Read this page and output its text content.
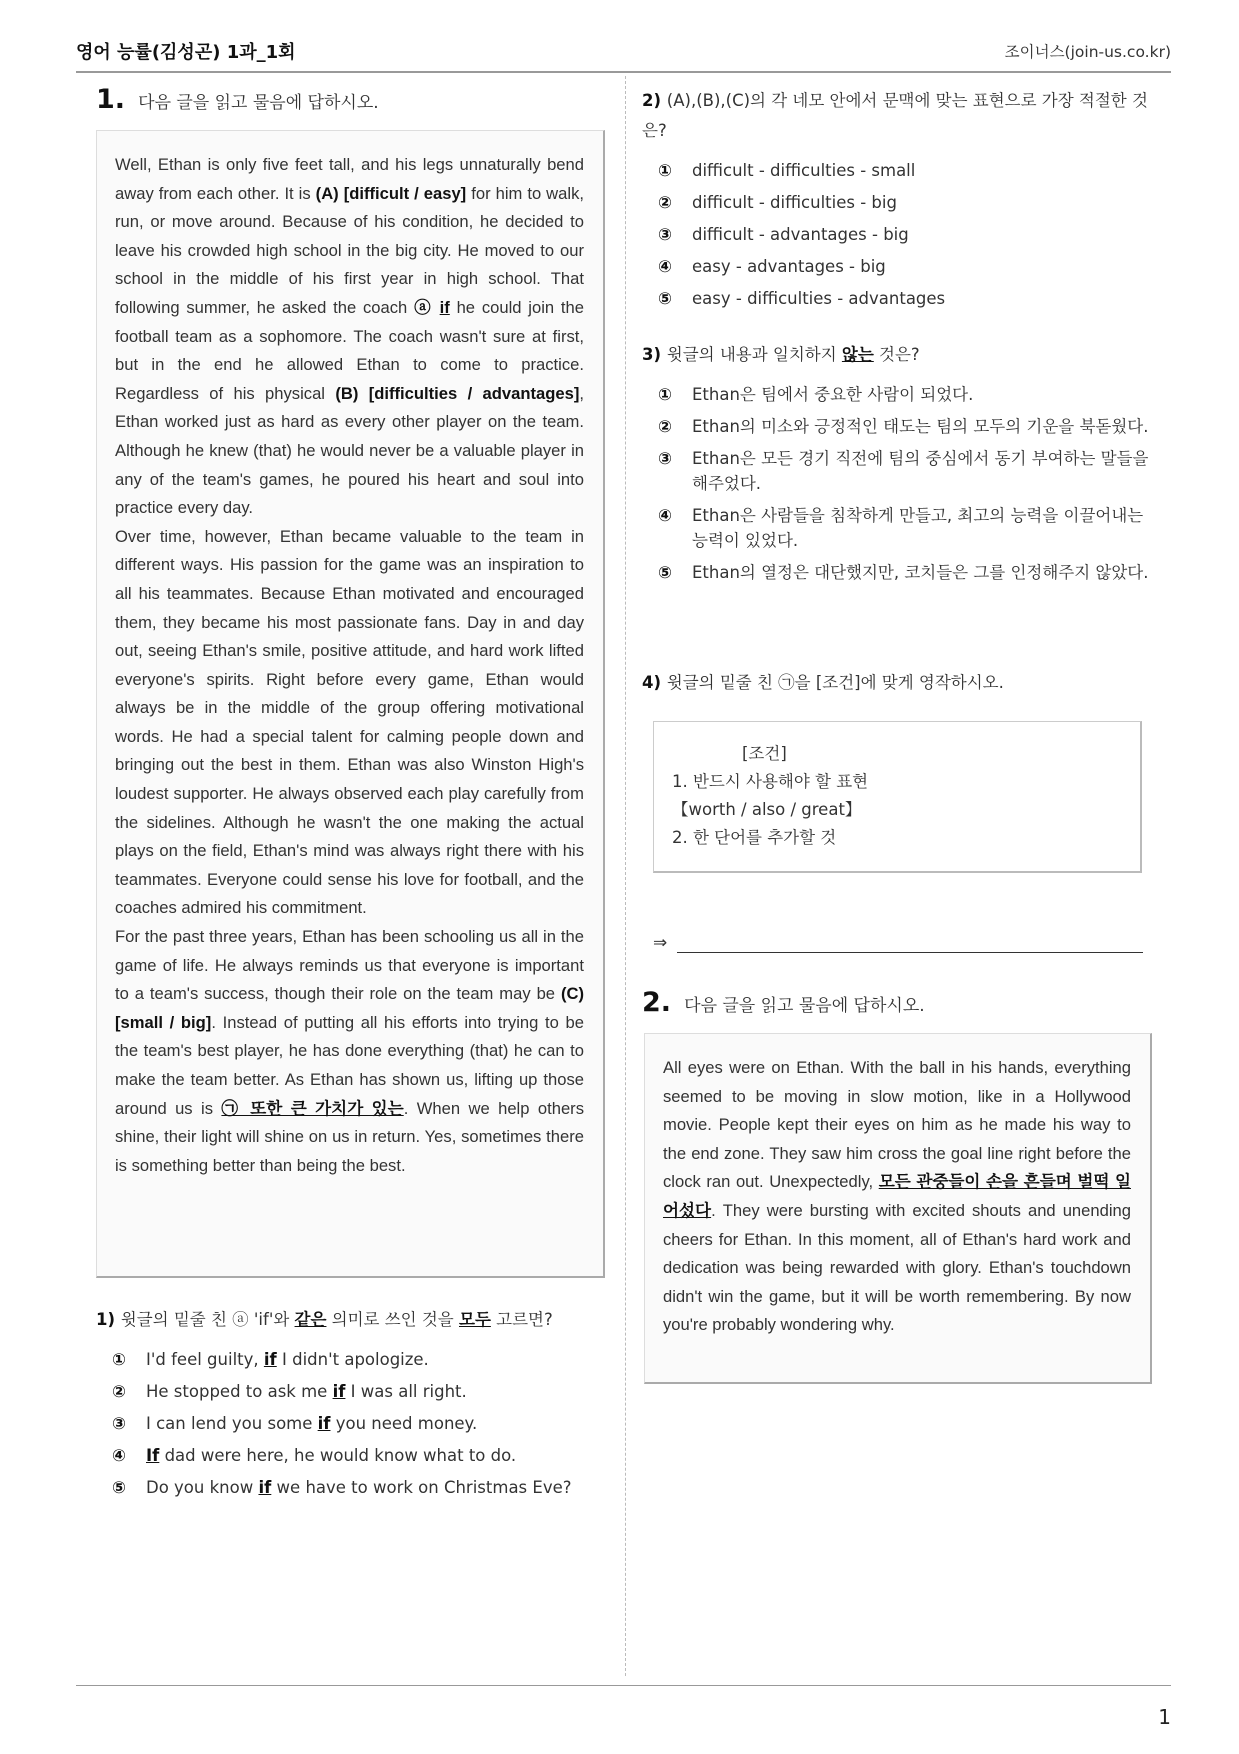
영어 능률(김성곤) 1과_1회	조이너스(join-us.co.kr)
1. 다음 글을 읽고 물음에 답하시오.

Well, Ethan is only five feet tall, and his legs unnaturally bend away from each other. It is (A) [difficult / easy] for him to walk, run, or move around. Because of his condition, he decided to leave his crowded high school in the big city. He moved to our school in the middle of his first year in high school. That following summer, he asked the coach ⓐ if he could join the football team as a sophomore. The coach wasn't sure at first, but in the end he allowed Ethan to come to practice. Regardless of his physical (B) [difficulties / advantages], Ethan worked just as hard as every other player on the team. Although he knew (that) he would never be a valuable player in any of the team's games, he poured his heart and soul into practice every day.

Over time, however, Ethan became valuable to the team in different ways. His passion for the game was an inspiration to all his teammates. Because Ethan motivated and encouraged them, they became his most passionate fans. Day in and day out, seeing Ethan's smile, positive attitude, and hard work lifted everyone's spirits. Right before every game, Ethan would always be in the middle of the group offering motivational words. He had a special talent for calming people down and bringing out the best in them. Ethan was also Winston High's loudest supporter. He always observed each play carefully from the sidelines. Although he wasn't the one making the actual plays on the field, Ethan's mind was always right there with his teammates. Everyone could sense his love for football, and the coaches admired his commitment.

For the past three years, Ethan has been schooling us all in the game of life. He always reminds us that everyone is important to a team's success, though their role on the team may be (C) [small / big]. Instead of putting all his efforts into trying to be the team's best player, he has done everything (that) he can to make the team better. As Ethan has shown us, lifting up those around us is ㉠ 또한 큰 가치가 있는. When we help others shine, their light will shine on us in return. Yes, sometimes there is something better than being the best.

1) 윗글의 밑줄 친 ⓐ 'if'와 같은 의미로 쓰인 것을 모두 고르면?
①	I'd feel guilty, if I didn't apologize.
②	He stopped to ask me if I was all right.
③	I can lend you some if you need money.
④	If dad were here, he would know what to do.
⑤	Do you know if we have to work on Christmas Eve?
2) (A),(B),(C)의 각 네모 안에서 문맥에 맞는 표현으로 가장 적절한 것은?
①	difficult - difficulties - small
②	difficult - difficulties - big
③	difficult - advantages - big
④	easy - advantages - big
⑤	easy - difficulties - advantages
3) 윗글의 내용과 일치하지 않는 것은?
①	Ethan은 팀에서 중요한 사람이 되었다.
②	Ethan의 미소와 긍정적인 태도는 팀의 모두의 기운을 북돋웠다.
③	Ethan은 모든 경기 직전에 팀의 중심에서 동기 부여하는 말들을 해주었다.
④	Ethan은 사람들을 침착하게 만들고, 최고의 능력을 이끌어내는 능력이 있었다.
⑤	Ethan의 열정은 대단했지만, 코치들은 그를 인정해주지 않았다.
4) 윗글의 밑줄 친 ㉠을 [조건]에 맞게 영작하시오.
[조건]
1. 반드시 사용해야 할 표현
【worth / also / great】
2. 한 단어를 추가할 것
⇒
2. 다음 글을 읽고 물음에 답하시오.

All eyes were on Ethan. With the ball in his hands, everything seemed to be moving in slow motion, like in a Hollywood movie. People kept their eyes on him as he made his way to the end zone. They saw him cross the goal line right before the clock ran out. Unexpectedly, 모든 관중들이 손을 흔들며 벌떡 일어섰다. They were bursting with excited shouts and unending cheers for Ethan. In this moment, all of Ethan's hard work and dedication was being rewarded with glory. Ethan's touchdown didn't win the game, but it will be worth remembering. By now you're probably wondering why.

1
